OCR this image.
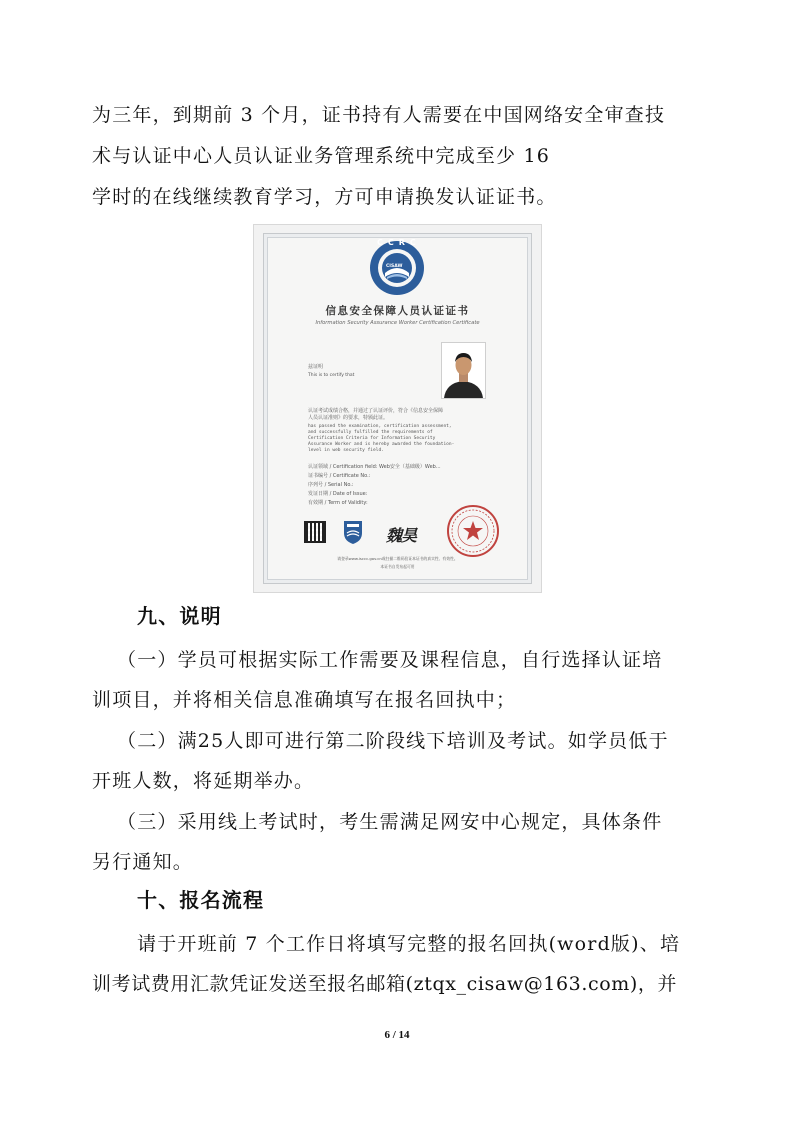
为三年，到期前 3 个月，证书持有人需要在中国网络安全审查技
术与认证中心人员认证业务管理系统中完成至少 16
学时的在线继续教育学习，方可申请换发认证证书。
CCRC
CISAW
信息安全保障人员认证证书
Information Security Assurance Worker Certification Certificate
兹证明
This is to certify that
认证考试成绩合格，并通过了认证评价，符合《信息安全保障
人员认证准则》的要求，特颁此证。
has passed the examination, certification assessment,
and successfully fulfilled the requirements of
Certification Criteria for Information Security
Assurance Worker and is hereby awarded the foundation-
level in web security field.
认证领域 / Certification field: Web安全（基础级）Web...
证书编号 / Certificate No.:
序列号 / Serial No.:
发证日期 / Date of Issue:
有效期 / Term of Validity:
魏昊
请登录www.isccc.gov.cn或扫描二维码验证本证书的真实性、有效性。
本证书自发布起可用
九、说明
（一）学员可根据实际工作需要及课程信息，自行选择认证培
训项目，并将相关信息准确填写在报名回执中；
（二）满25人即可进行第二阶段线下培训及考试。如学员低于
开班人数，将延期举办。
（三）采用线上考试时，考生需满足网安中心规定，具体条件
另行通知。
十、报名流程
请于开班前 7 个工作日将填写完整的报名回执(word版)、培
训考试费用汇款凭证发送至报名邮箱(ztqx_cisaw@163.com)，并
6 / 14
